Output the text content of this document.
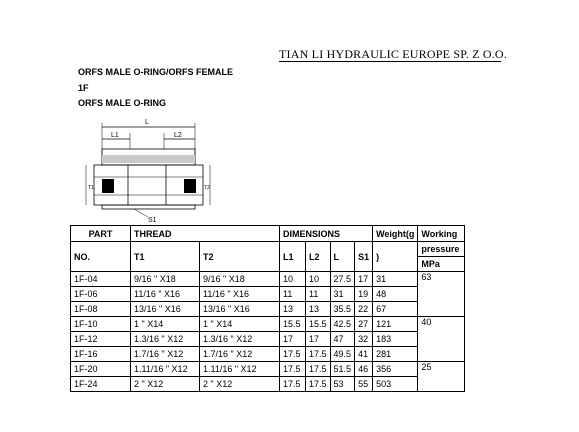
TIAN LI HYDRAULIC EUROPE SP. Z O.O.
ORFS MALE O-RING/ORFS FEMALE
1F
ORFS MALE O-RING
L
L1	L2
T1	T2
S1
PART	THREAD		DIMENSIONS				Weight(g	Working
NO.	T1	T2	L1	L2	L	S1	)	pressure
								MPa
1F-04	9/16 " X18	9/16 " X18	10	10	27.5	17	31	63
1F-06	11/16 " X16	11/16 " X16	11	11	31	19	48	
1F-08	13/16 " X16	13/16 " X16	13	13	35.5	22	67	
1F-10	1 " X14	1 " X14	15.5	15.5	42.5	27	121	40
1F-12	1.3/16 " X12	1.3/16 " X12	17	17	47	32	183	
1F-16	1.7/16 " X12	1.7/16 " X12	17.5	17.5	49.5	41	281	
1F-20	1.11/16 " X12	1.11/16 " X12	17.5	17.5	51.5	46	356	25
1F-24	2 " X12	2 " X12	17.5	17.5	53	55	503	
